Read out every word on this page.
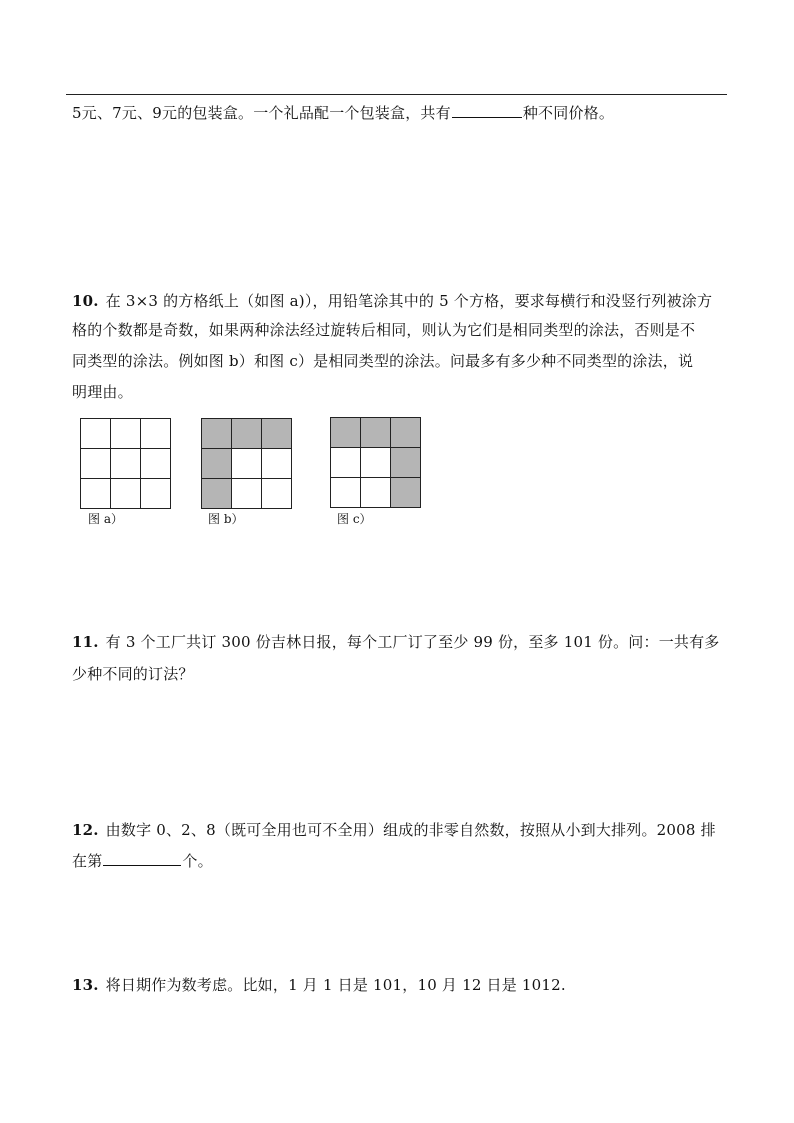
5元、7元、9元的包装盒。一个礼品配一个包装盒，共有	种不同价格。
10. 在 3×3 的方格纸上（如图 a)），用铅笔涂其中的 5 个方格，要求每横行和没竖行列被涂方
格的个数都是奇数，如果两种涂法经过旋转后相同，则认为它们是相同类型的涂法，否则是不
同类型的涂法。例如图 b）和图 c）是相同类型的涂法。问最多有多少种不同类型的涂法，说
明理由。
图 a）	图 b）	图 c）
11. 有 3 个工厂共订 300 份吉林日报，每个工厂订了至少 99 份，至多 101 份。问：一共有多
少种不同的订法？
12. 由数字 0、2、8（既可全用也可不全用）组成的非零自然数，按照从小到大排列。2008 排
在第	个。
13. 将日期作为数考虑。比如，1 月 1 日是 101，10 月 12 日是 1012.
